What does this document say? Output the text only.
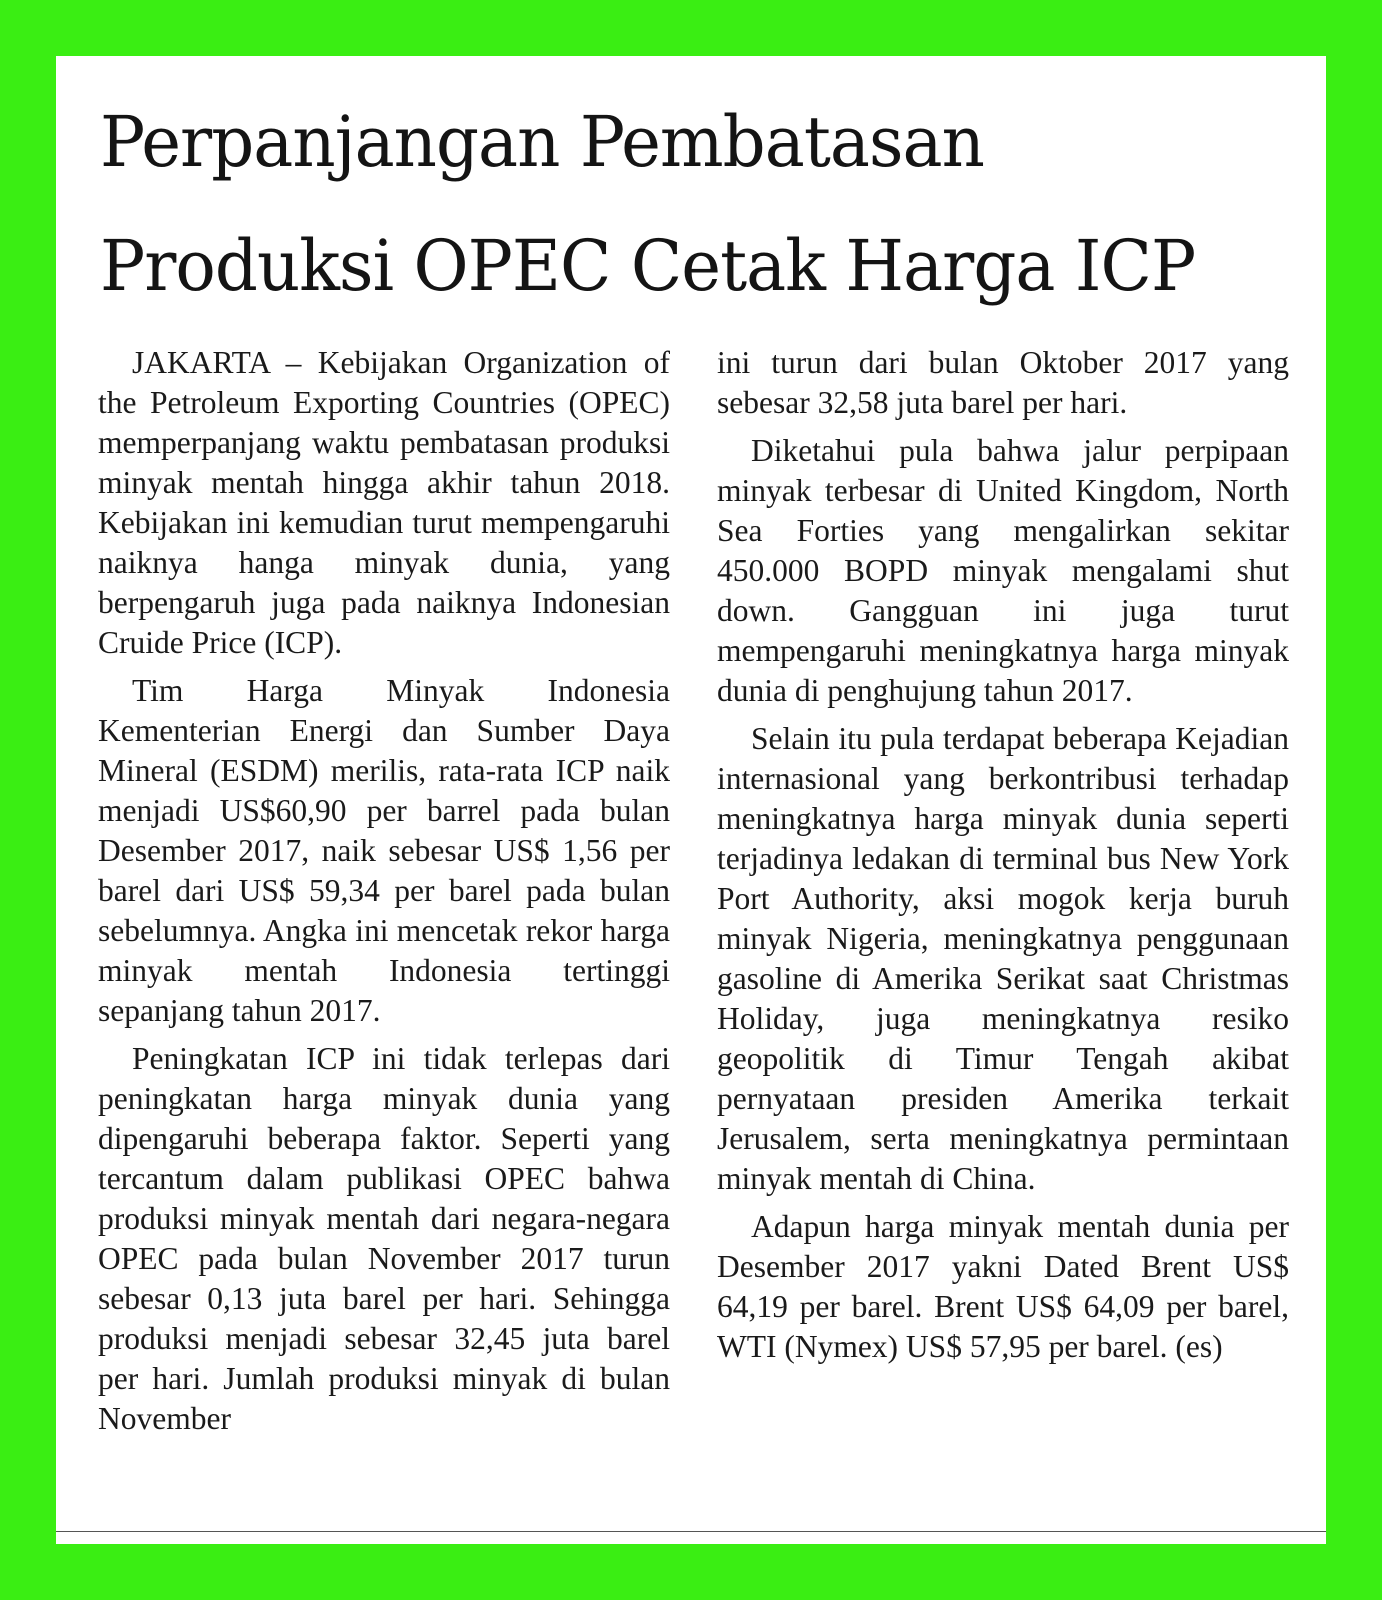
Perpanjangan Pembatasan
Produksi OPEC Cetak Harga ICP

JAKARTA – Kebijakan Organization of the Petroleum Exporting Countries (OPEC) memperpanjang waktu pembatasan produksi minyak mentah hingga akhir tahun 2018. Kebijakan ini kemudian turut mempengaruhi naiknya hanga minyak dunia, yang berpengaruh juga pada naiknya Indonesian Cruide Price (ICP).

Tim Harga Minyak Indonesia Kementerian Energi dan Sumber Daya Mineral (ESDM) merilis, rata-rata ICP naik menjadi US$60,90 per barrel pada bulan Desember 2017, naik sebesar US$ 1,56 per barel dari US$ 59,34 per barel pada bulan sebelumnya. Angka ini mencetak rekor harga minyak mentah Indonesia tertinggi sepanjang tahun 2017.

Peningkatan ICP ini tidak terlepas dari peningkatan harga minyak dunia yang dipengaruhi beberapa faktor. Seperti yang tercantum dalam publikasi OPEC bahwa produksi minyak mentah dari negara-negara OPEC pada bulan November 2017 turun sebesar 0,13 juta barel per hari. Sehingga produksi menjadi sebesar 32,45 juta barel per hari. Jumlah produksi minyak di bulan November

ini turun dari bulan Oktober 2017 yang sebesar 32,58 juta barel per hari.

Diketahui pula bahwa jalur perpipaan minyak terbesar di United Kingdom, North Sea Forties yang mengalirkan sekitar 450.000 BOPD minyak mengalami shut down. Gangguan ini juga turut mempengaruhi meningkatnya harga minyak dunia di penghujung tahun 2017.

Selain itu pula terdapat beberapa Kejadian internasional yang berkontribusi terhadap meningkatnya harga minyak dunia seperti terjadinya ledakan di terminal bus New York Port Authority, aksi mogok kerja buruh minyak Nigeria, meningkatnya penggunaan gasoline di Amerika Serikat saat Christmas Holiday, juga meningkatnya resiko geopolitik di Timur Tengah akibat pernyataan presiden Amerika terkait Jerusalem, serta meningkatnya permintaan minyak mentah di China.

Adapun harga minyak mentah dunia per Desember 2017 yakni Dated Brent US$ 64,19 per barel. Brent US$ 64,09 per barel, WTI (Nymex) US$ 57,95 per barel. (es)
